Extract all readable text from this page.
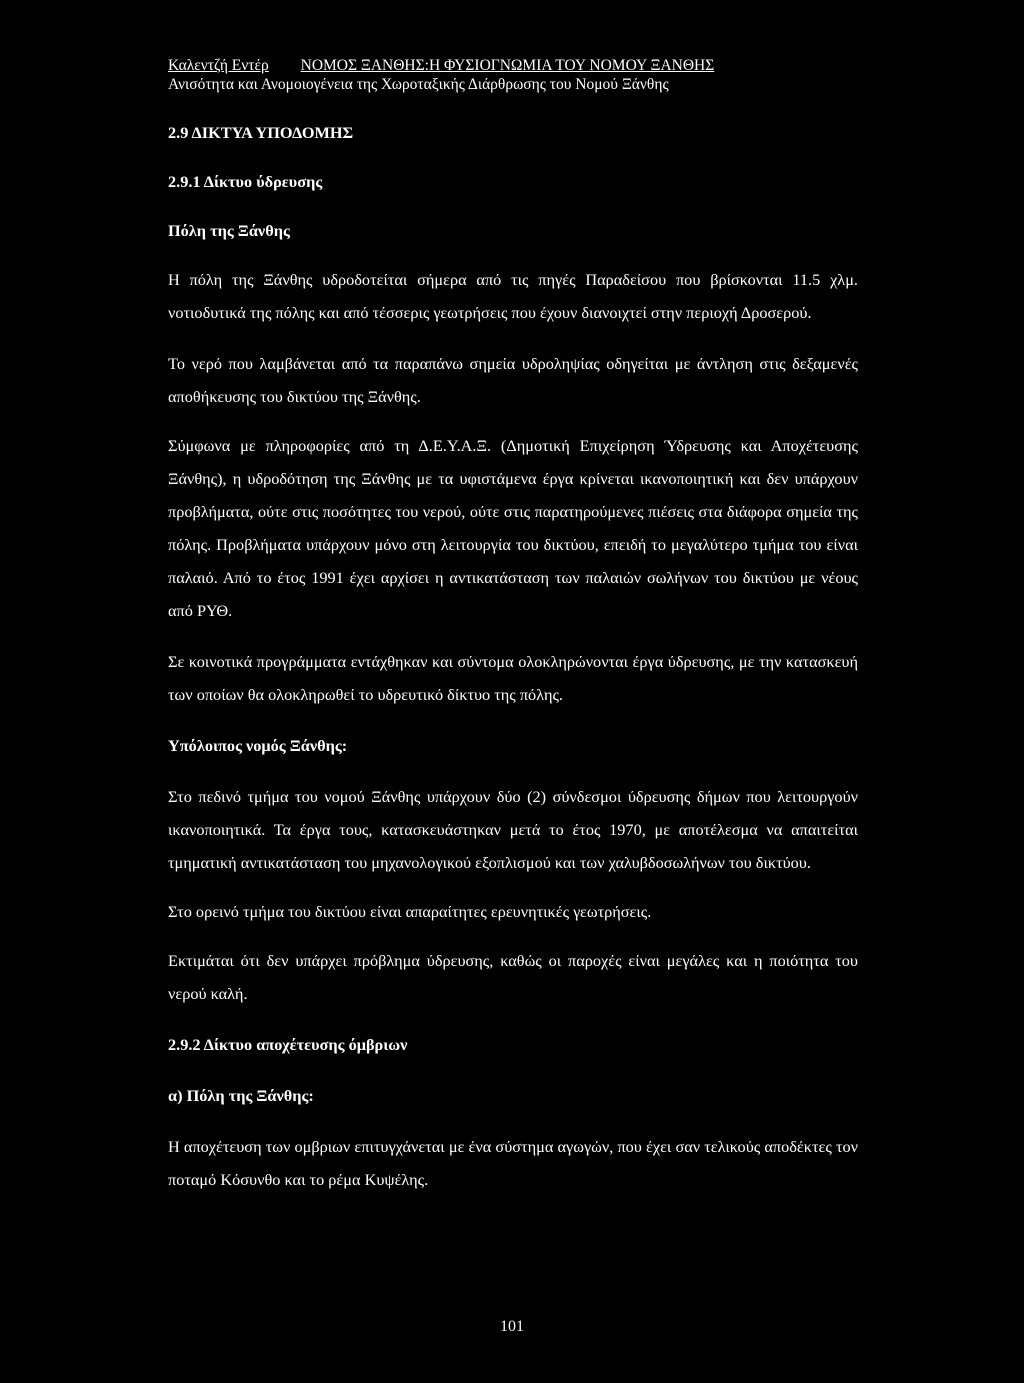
Καλεντζή Εντέρ ΝΟΜΟΣ ΞΑΝΘΗΣ:Η ΦΥΣΙΟΓΝΩΜΙΑ ΤΟΥ ΝΟΜΟΥ ΞΑΝΘΗΣ
Ανισότητα και Ανομοιογένεια της Χωροταξικής Διάρθρωσης του Νομού Ξάνθης

2.9 ΔΙΚΤΥΑ ΥΠΟΔΟΜΗΣ

2.9.1 Δίκτυο ύδρευσης

Πόλη της Ξάνθης

Η πόλη της Ξάνθης υδροδοτείται σήμερα από τις πηγές Παραδείσου που βρίσκονται 11.5 χλμ. νοτιοδυτικά της πόλης και από τέσσερις γεωτρήσεις που έχουν διανοιχτεί στην περιοχή Δροσερού.

Το νερό που λαμβάνεται από τα παραπάνω σημεία υδροληψίας οδηγείται με άντληση στις δεξαμενές αποθήκευσης του δικτύου της Ξάνθης.

Σύμφωνα με πληροφορίες από τη Δ.Ε.Υ.Α.Ξ. (Δημοτική Επιχείρηση Ύδρευσης και Αποχέτευσης Ξάνθης), η υδροδότηση της Ξάνθης με τα υφιστάμενα έργα κρίνεται ικανοποιητική και δεν υπάρχουν προβλήματα, ούτε στις ποσότητες του νερού, ούτε στις παρατηρούμενες πιέσεις στα διάφορα σημεία της πόλης. Προβλήματα υπάρχουν μόνο στη λειτουργία του δικτύου, επειδή το μεγαλύτερο τμήμα του είναι παλαιό. Από το έτος 1991 έχει αρχίσει η αντικατάσταση των παλαιών σωλήνων του δικτύου με νέους από ΡΥΘ.

Σε κοινοτικά προγράμματα εντάχθηκαν και σύντομα ολοκληρώνονται έργα ύδρευσης, με την κατασκευή των οποίων θα ολοκληρωθεί το υδρευτικό δίκτυο της πόλης.

Υπόλοιπος νομός Ξάνθης:

Στο πεδινό τμήμα του νομού Ξάνθης υπάρχουν δύο (2) σύνδεσμοι ύδρευσης δήμων που λειτουργούν ικανοποιητικά. Τα έργα τους, κατασκευάστηκαν μετά το έτος 1970, με αποτέλεσμα να απαιτείται τμηματική αντικατάσταση του μηχανολογικού εξοπλισμού και των χαλυβδοσωλήνων του δικτύου.

Στο ορεινό τμήμα του δικτύου είναι απαραίτητες ερευνητικές γεωτρήσεις.

Εκτιμάται ότι δεν υπάρχει πρόβλημα ύδρευσης, καθώς οι παροχές είναι μεγάλες και η ποιότητα του νερού καλή.

2.9.2 Δίκτυο αποχέτευσης όμβριων

α) Πόλη της Ξάνθης:

Η αποχέτευση των ομβριων επιτυγχάνεται με ένα σύστημα αγωγών, που έχει σαν τελικούς αποδέκτες τον ποταμό Κόσυνθο και το ρέμα Κυψέλης.

101
